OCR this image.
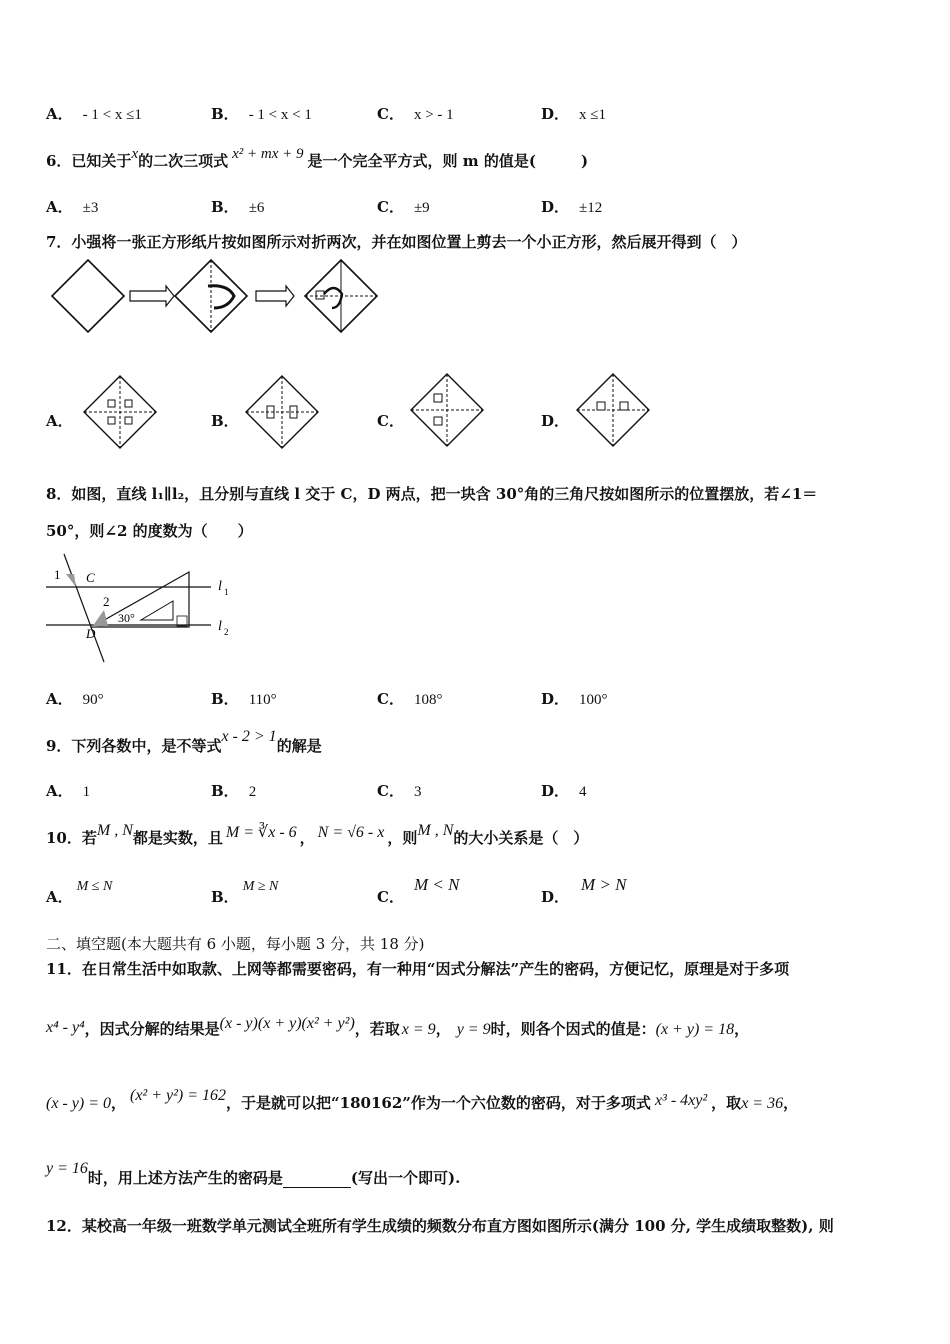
A． - 1 < x ≤1	B． - 1 < x < 1	C． x > - 1	D． x ≤1
6．已知关于x的二次三项式 x² + mx + 9 是一个完全平方式，则 m 的值是(　　　)
A． ±3	B． ±6	C． ±9	D． ±12
7．小强将一张正方形纸片按如图所示对折两次，并在如图位置上剪去一个小正方形，然后展开得到（　）
A．	B．	C．	D．
8．如图，直线 l₁∥l₂，且分别与直线 l 交于 C，D 两点，把一块含 30°角的三角尺按如图所示的位置摆放，若∠1＝
50°，则∠2 的度数为（　　）
1 C
2
30°
D
l 1
l 2
A． 90°	B． 110°	C． 108°	D． 100°
9．下列各数中，是不等式x - 2 > 1的解是
A． 1	B． 2	C． 3	D． 4
10．若M , N都是实数，且 M = ∛x - 6 ， N = √6 - x ，则M , N的大小关系是（　）
A．M ≤ N
B．M ≥ N
C．M < N
D．M > N
二、填空题(本大题共有 6 小题，每小题 3 分，共 18 分)
11．在日常生活中如取款、上网等都需要密码，有一种用“因式分解法”产生的密码，方便记忆，原理是对于多项
x⁴ - y⁴，因式分解的结果是(x - y)(x + y)(x² + y²)，若取 x = 9， y = 9时，则各个因式的值是：(x + y) = 18，
(x - y) = 0， (x² + y²) = 162，于是就可以把“180162”作为一个六位数的密码，对于多项式 x³ - 4xy² ，取x = 36，
y = 16时，用上述方法产生的密码是	(写出一个即可).
12．某校高一年级一班数学单元测试全班所有学生成绩的频数分布直方图如图所示(满分 100 分, 学生成绩取整数), 则
